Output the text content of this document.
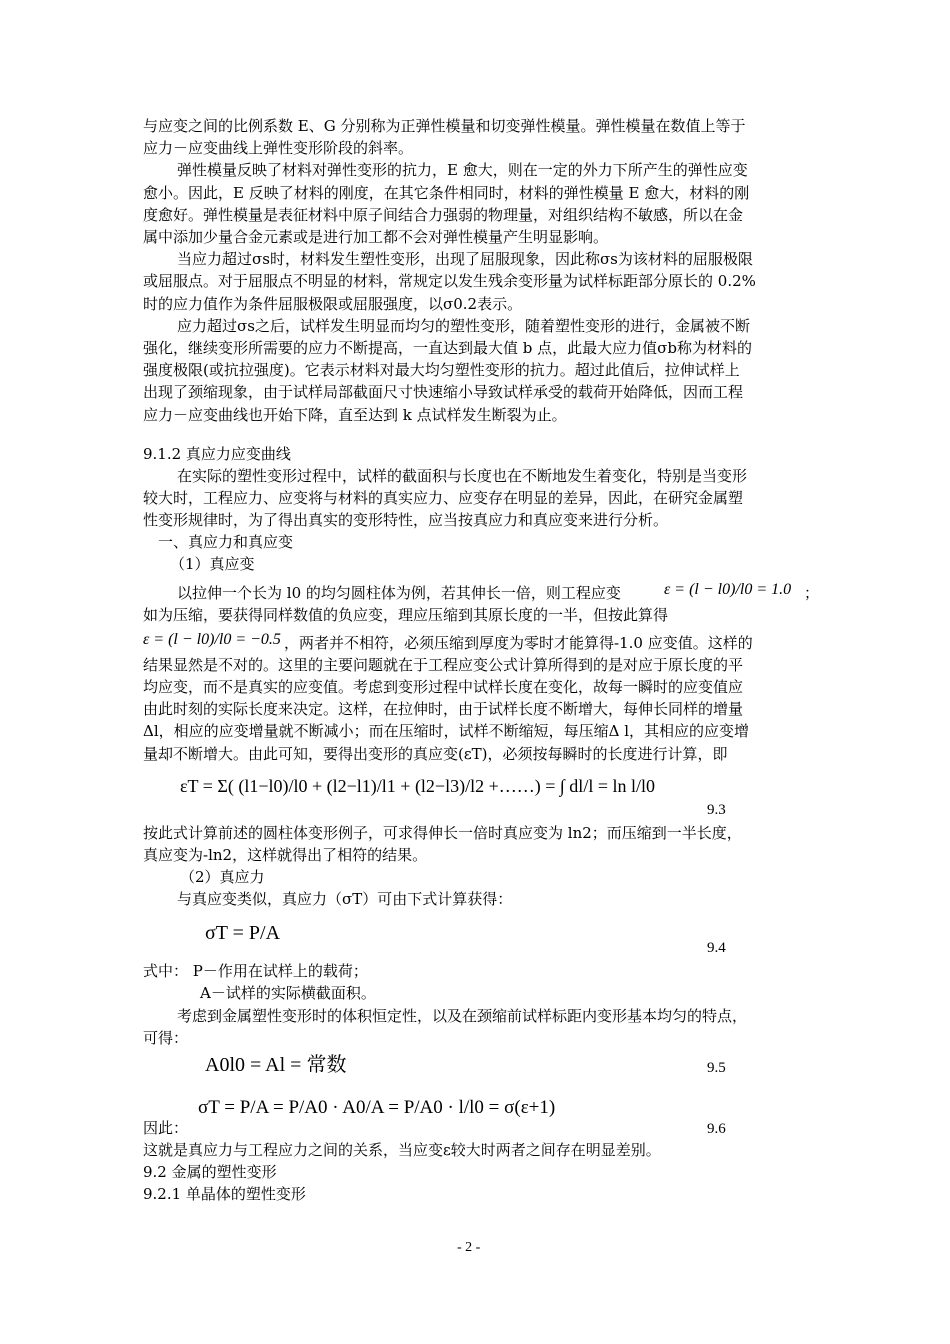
与应变之间的比例系数 E、G 分别称为正弹性模量和切变弹性模量。弹性模量在数值上等于
应力－应变曲线上弹性变形阶段的斜率。
弹性模量反映了材料对弹性变形的抗力，E 愈大，则在一定的外力下所产生的弹性应变
愈小。因此，E 反映了材料的刚度，在其它条件相同时，材料的弹性模量 E 愈大，材料的刚
度愈好。弹性模量是表征材料中原子间结合力强弱的物理量，对组织结构不敏感，所以在金
属中添加少量合金元素或是进行加工都不会对弹性模量产生明显影响。
当应力超过σs时，材料发生塑性变形，出现了屈服现象，因此称σs为该材料的屈服极限
或屈服点。对于屈服点不明显的材料，常规定以发生残余变形量为试样标距部分原长的 0.2%
时的应力值作为条件屈服极限或屈服强度，以σ0.2表示。
应力超过σs之后，试样发生明显而均匀的塑性变形，随着塑性变形的进行，金属被不断
强化，继续变形所需要的应力不断提高，一直达到最大值 b 点，此最大应力值σb称为材料的
强度极限(或抗拉强度)。它表示材料对最大均匀塑性变形的抗力。超过此值后，拉伸试样上
出现了颈缩现象，由于试样局部截面尺寸快速缩小导致试样承受的载荷开始降低，因而工程
应力－应变曲线也开始下降，直至达到 k 点试样发生断裂为止。
9.1.2 真应力应变曲线
在实际的塑性变形过程中，试样的截面积与长度也在不断地发生着变化，特别是当变形
较大时，工程应力、应变将与材料的真实应力、应变存在明显的差异，因此，在研究金属塑
性变形规律时，为了得出真实的变形特性，应当按真应力和真应变来进行分析。
一、真应力和真应变
（1）真应变
以拉伸一个长为 l0 的均匀圆柱体为例，若其伸长一倍，则工程应变	ε = (l − l0)/l0 = 1.0 ；
如为压缩，要获得同样数值的负应变，理应压缩到其原长度的一半，但按此算得
ε = (l − l0)/l0 = −0.5 ，两者并不相符，必须压缩到厚度为零时才能算得-1.0 应变值。这样的
结果显然是不对的。这里的主要问题就在于工程应变公式计算所得到的是对应于原长度的平
均应变，而不是真实的应变值。考虑到变形过程中试样长度在变化，故每一瞬时的应变值应
由此时刻的实际长度来决定。这样，在拉伸时，由于试样长度不断增大，每伸长同样的增量
Δl，相应的应变增量就不断减小；而在压缩时，试样不断缩短，每压缩Δ l，其相应的应变增
量却不断增大。由此可知，要得出变形的真应变(εT)，必须按每瞬时的长度进行计算，即
εT = Σ( (l1−l0)/l0 + (l2−l1)/l1 + (l2−l3)/l2 +……) = ∫ dl/l = ln l/l0
9.3
按此式计算前述的圆柱体变形例子，可求得伸长一倍时真应变为 ln2；而压缩到一半长度，
真应变为-ln2，这样就得出了相符的结果。
（2）真应力
与真应变类似，真应力（σT）可由下式计算获得：
σT = P/A
9.4
式中： P－作用在试样上的载荷；
A－试样的实际横截面积。
考虑到金属塑性变形时的体积恒定性，以及在颈缩前试样标距内变形基本均匀的特点，
可得：
A0l0 = Al = 常数	9.5
因此：
σT = P/A = P/A0 · A0/A = P/A0 · l/l0 = σ(ε+1)
9.6
这就是真应力与工程应力之间的关系，当应变ε较大时两者之间存在明显差别。
9.2 金属的塑性变形
9.2.1 单晶体的塑性变形
- 2 -
